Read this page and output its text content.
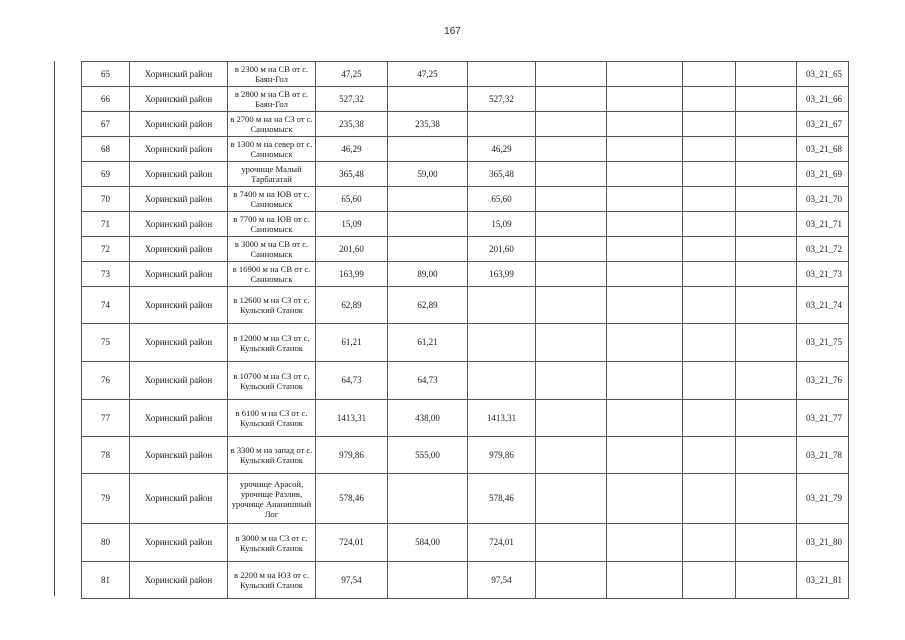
167
65	Хоринский район	в 2300 м на СВ от с. Баян-Гол	47,25	47,25						03_21_65
66	Хоринский район	в 2800 м на СВ от с. Баян-Гол	527,32		527,32					03_21_66
67	Хоринский район	в 2700 м на на СЗ от с. Санномыск	235,38	235,38						03_21_67
68	Хоринский район	в 1300 м на север от с. Санномыск	46,29		46,29					03_21_68
69	Хоринский район	урочище Малый Тарбагатай	365,48	59,00	365,48					03_21_69
70	Хоринский район	в 7400 м на ЮВ от с. Санномыск	65,60		65,60					03_21_70
71	Хоринский район	в 7700 м на ЮВ от с. Санномыск	15,09		15,09					03_21_71
72	Хоринский район	в 3000 м на СВ от с. Санномыск	201,60		201,60					03_21_72
73	Хоринский район	в 16900 м на СВ от с. Санномыск	163,99	89,00	163,99					03_21_73
74	Хоринский район	в 12600 м на СЗ от с. Кульский Станок	62,89	62,89						03_21_74
75	Хоринский район	в 12000 м на СЗ от с. Кульский Станок	61,21	61,21						03_21_75
76	Хоринский район	в 10700 м на СЗ от с. Кульский Станок	64,73	64,73						03_21_76
77	Хоринский район	в 6100 м на СЗ от с. Кульский Станок	1413,31	438,00	1413,31					03_21_77
78	Хоринский район	в 3300 м на запад от с. Кульский Станок	979,86	555,00	979,86					03_21_78
79	Хоринский район	урочище Арасой, урочище Разлив, урочище Ананишный Лог	578,46		578,46					03_21_79
80	Хоринский район	в 3000 м на СЗ от с. Кульский Станок	724,01	584,00	724,01					03_21_80
81	Хоринский район	в 2200 м на ЮЗ от с. Кульский Станок	97,54		97,54					03_21_81
